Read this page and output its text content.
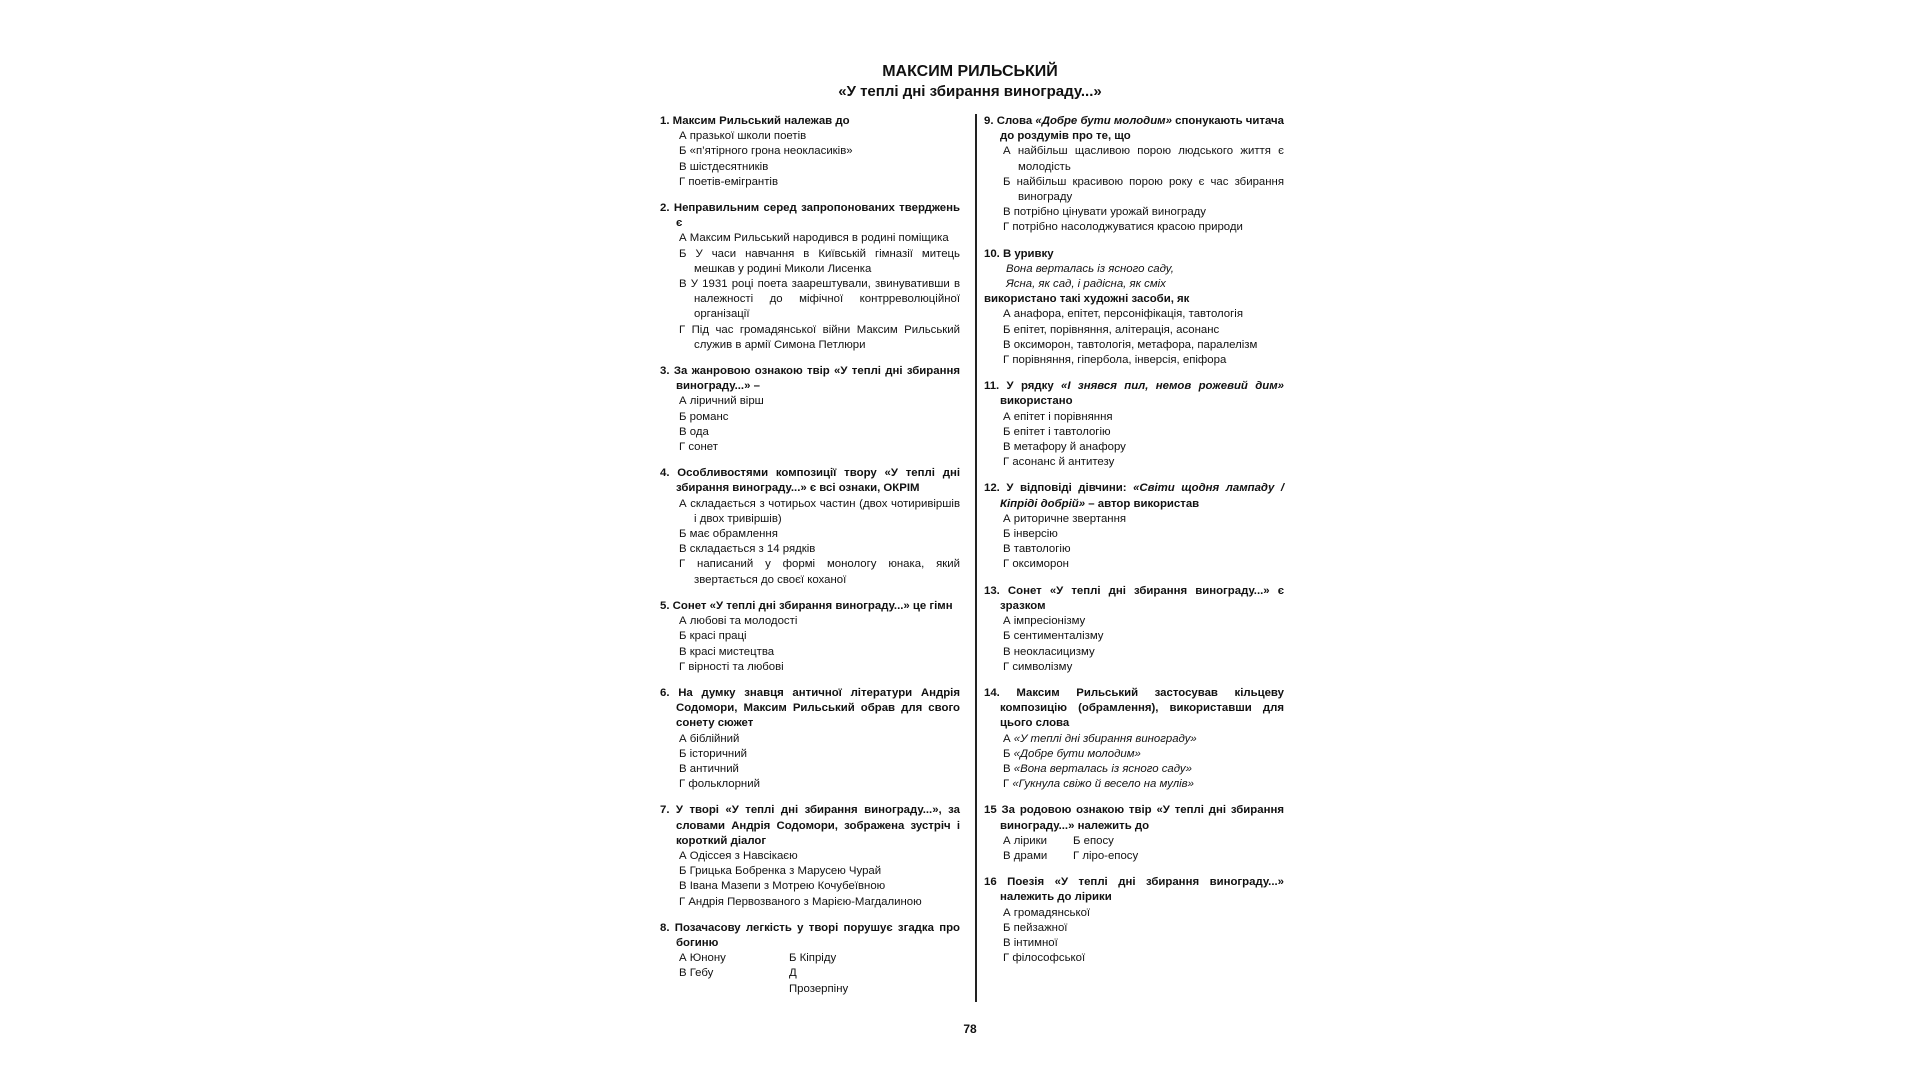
МАКСИМ РИЛЬСЬКИЙ
«У теплі дні збирання винограду...»
1. Максим Рильський належав до
А празької школи поетів
Б «п’ятірного грона неокласиків»
В шістдесятників
Г поетів-емігрантів
2. Неправильним серед запропонованих тверджень є
А Максим Рильський народився в родині поміщика
Б У часи навчання в Київській гімназії митець мешкав у родині Миколи Лисенка
В У 1931 році поета заарештували, звинувативши в належності до міфічної контрреволюційної організації
Г Під час громадянської війни Максим Рильський служив в армії Симона Петлюри
3. За жанровою ознакою твір «У теплі дні збирання винограду...» –
А ліричний вірш
Б романс
В ода
Г сонет
4. Особливостями композиції твору «У теплі дні збирання винограду...» є всі ознаки, ОКРІМ
А складається з чотирьох частин (двох чотиривіршів і двох тривіршів)
Б має обрамлення
В складається з 14 рядків
Г написаний у формі монологу юнака, який звертається до своєї коханої
5. Сонет «У теплі дні збирання винограду...» це гімн
А любові та молодості
Б красі праці
В красі мистецтва
Г вірності та любові
6. На думку знавця античної літератури Андрія Содомори, Максим Рильський обрав для свого сонету сюжет
А біблійний
Б історичний
В античний
Г фольклорний
7. У творі «У теплі дні збирання винограду...», за словами Андрія Содомори, зображена зустріч і короткий діалог
А Одіссея з Навсікаєю
Б Грицька Бобренка з Марусею Чурай
В Івана Мазепи з Мотрею Кочубеївною
Г Андрія Первозваного з Марією-Магдалиною
8. Позачасову легкість у творі порушує згадка про богиню
А Юнону	Б Кіпріду
В Гебу	Д Прозерпіну
9. Слова «Добре бути молодим» спонукають читача до роздумів про те, що
А найбільш щасливою порою людського життя є молодість
Б найбільш красивою порою року є час збирання винограду
В потрібно цінувати урожай винограду
Г потрібно насолоджуватися красою природи
10. В уривку
Вона верталась із ясного саду,
Ясна, як сад, і радісна, як сміх
використано такі художні засоби, як
А анафора, епітет, персоніфікація, тавтологія
Б епітет, порівняння, алітерація, асонанс
В оксиморон, тавтологія, метафора, паралелізм
Г порівняння, гіпербола, інверсія, епіфора
11. У рядку «І знявся пил, немов рожевий дим» використано
А епітет і порівняння
Б епітет і тавтологію
В метафору й анафору
Г асонанс й антитезу
12. У відповіді дівчини: «Світи щодня лампаду / Кіпріді добрій» – автор використав
А риторичне звертання
Б інверсію
В тавтологію
Г оксиморон
13. Сонет «У теплі дні збирання винограду...» є зразком
А імпресіонізму
Б сентименталізму
В неокласицизму
Г символізму
14. Максим Рильський застосував кільцеву композицію (обрамлення), використавши для цього слова
А «У теплі дні збирання винограду»
Б «Добре бути молодим»
В «Вона верталась із ясного саду»
Г «Гукнула свіжо й весело на мулів»
15 За родовою ознакою твір «У теплі дні збирання винограду...» належить до
А лірики	Б епосу
В драми	Г ліро-епосу
16 Поезія «У теплі дні збирання винограду...» належить до лірики
А громадянської
Б пейзажної
В інтимної
Г філософської
78
